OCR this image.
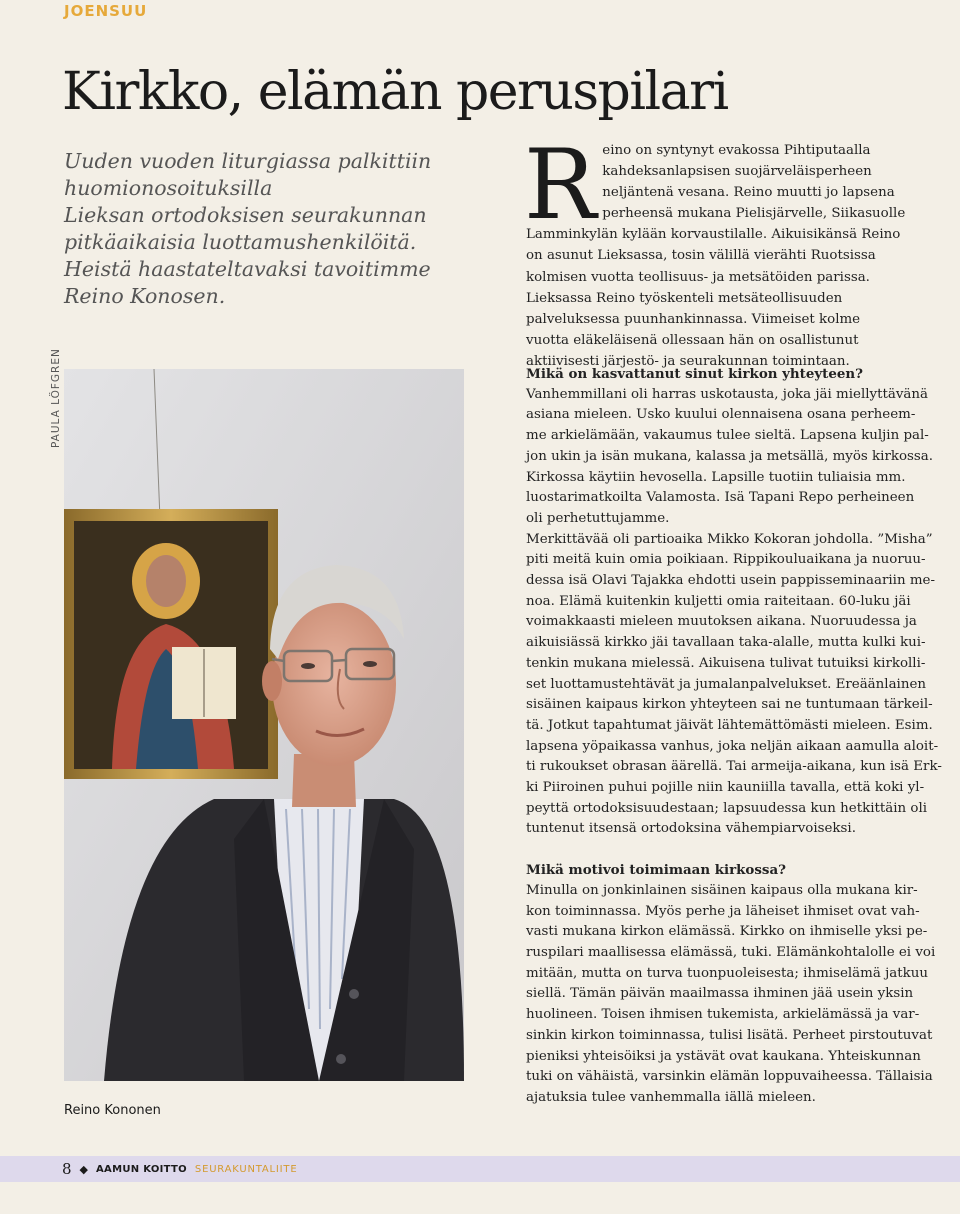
JOENSUU
Kirkko, elämän peruspilari
Uuden vuoden liturgiassa palkittiin
huomionosoituksilla
Lieksan ortodoksisen seurakunnan
pitkäaikaisia luottamushenkilöitä.
Heistä haastateltavaksi tavoitimme
Reino Konosen.
Reino on syntynyt evakossa Pihtiputaalla kahdeksanlapsisen suojärveläisperheen neljäntenä vesana. Reino muutti jo lapsena perheensä mukana Pielisjärvelle, Siikasuolle Lamminkylän kylään korvaustilalle. Aikuisikänsä Reino on asunut Lieksassa, tosin välillä vierähti Ruotsissa kolmisen vuotta teollisuus- ja metsätöiden parissa. Lieksassa Reino työskenteli metsäteollisuuden palveluksessa puunhankinnassa. Viimeiset kolme vuotta eläkeläisenä ollessaan hän on osallistunut aktiivisesti järjestö- ja seurakunnan toimintaan.
PAULA LÖFGREN
Reino Kononen
Mikä on kasvattanut sinut kirkon yhteyteen?
Vanhemmillani oli harras uskotausta, joka jäi miellyttävänä
asiana mieleen. Usko kuului olennaisena osana perheem-
me arkielämään, vakaumus tulee sieltä. Lapsena kuljin pal-
jon ukin ja isän mukana, kalassa ja metsällä, myös kirkossa.
Kirkossa käytiin hevosella. Lapsille tuotiin tuliaisia mm.
luostarimatkoilta Valamosta. Isä Tapani Repo perheineen
oli perhetuttujamme.
Merkittävää oli partioaika Mikko Kokoran johdolla. ”Misha”
piti meitä kuin omia poikiaan. Rippikouluaikana ja nuoruu-
dessa isä Olavi Tajakka ehdotti usein pappisseminaariin me-
noa. Elämä kuitenkin kuljetti omia raiteitaan. 60-luku jäi
voimakkaasti mieleen muutoksen aikana. Nuoruudessa ja
aikuisiässä kirkko jäi tavallaan taka-alalle, mutta kulki kui-
tenkin mukana mielessä. Aikuisena tulivat tutuiksi kirkolli-
set luottamustehtävät ja jumalanpalvelukset. Ereäänlainen
sisäinen kaipaus kirkon yhteyteen sai ne tuntumaan tärkeil-
tä. Jotkut tapahtumat jäivät lähtemättömästi mieleen. Esim.
lapsena yöpaikassa vanhus, joka neljän aikaan aamulla aloit-
ti rukoukset obrasan äärellä. Tai armeija-aikana, kun isä Erk-
ki Piiroinen puhui pojille niin kauniilla tavalla, että koki yl-
peyttä ortodoksisuudestaan; lapsuudessa kun hetkittäin oli
tuntenut itsensä ortodoksina vähempiarvoiseksi.
Mikä motivoi toimimaan kirkossa?
Minulla on jonkinlainen sisäinen kaipaus olla mukana kir-
kon toiminnassa. Myös perhe ja läheiset ihmiset ovat vah-
vasti mukana kirkon elämässä. Kirkko on ihmiselle yksi pe-
ruspilari maallisessa elämässä, tuki. Elämänkohtalolle ei voi
mitään, mutta on turva tuonpuoleisesta; ihmiselämä jatkuu
siellä. Tämän päivän maailmassa ihminen jää usein yksin
huolineen. Toisen ihmisen tukemista, arkielämässä ja var-
sinkin kirkon toiminnassa, tulisi lisätä. Perheet pirstoutuvat
pieniksi yhteisöiksi ja ystävät ovat kaukana. Yhteiskunnan
tuki on vähäistä, varsinkin elämän loppuvaiheessa. Tällaisia
ajatuksia tulee vanhemmalla iällä mieleen.
8 ◆ AAMUN KOITTO SEURAKUNTALIITE
